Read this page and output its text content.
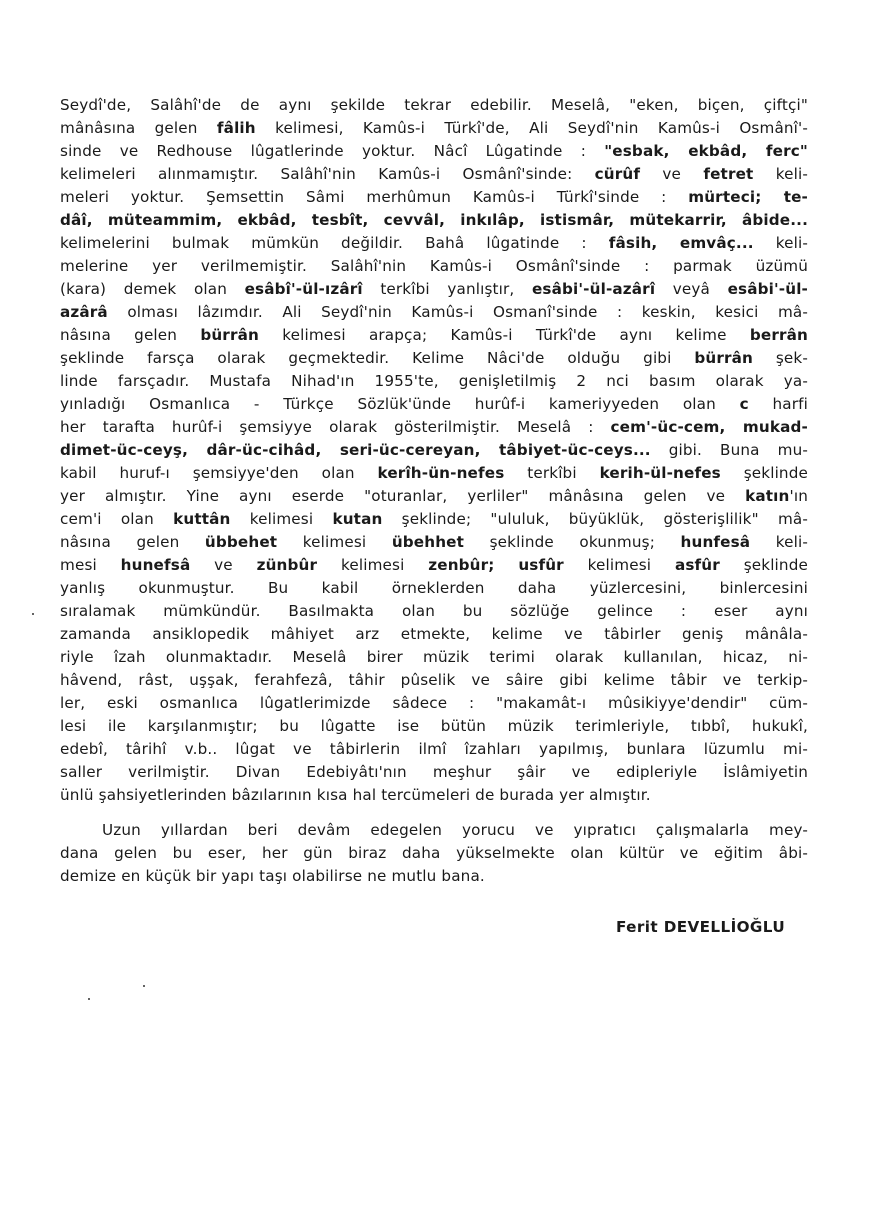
Seydî'de, Salâhî'de de aynı şekilde tekrar edebilir. Meselâ, "eken, biçen, çiftçi"
mânâsına gelen fâlih kelimesi, Kamûs-i Türkî'de, Ali Seydî'nin Kamûs-i Osmânî'-
sinde ve Redhouse lûgatlerinde yoktur. Nâcî Lûgatinde : "esbak, ekbâd, ferc"
kelimeleri alınmamıştır. Salâhî'nin Kamûs-i Osmânî'sinde: cürûf ve fetret keli-
meleri yoktur. Şemsettin Sâmi merhûmun Kamûs-i Türkî'sinde : mürteci; te-
dâî, müteammim, ekbâd, tesbît, cevvâl, inkılâp, istismâr, mütekarrir, âbide...
kelimelerini bulmak mümkün değildir. Bahâ lûgatinde : fâsih, emvâç... keli-
melerine yer verilmemiştir. Salâhî'nin Kamûs-i Osmânî'sinde : parmak üzümü
(kara) demek olan esâbî'-ül-ızârî terkîbi yanlıştır, esâbi'-ül-azârî veyâ esâbi'-ül-
azârâ olması lâzımdır. Ali Seydî'nin Kamûs-i Osmanî'sinde : keskin, kesici mâ-
nâsına gelen bürrân kelimesi arapça; Kamûs-i Türkî'de aynı kelime berrân
şeklinde farsça olarak geçmektedir. Kelime Nâci'de olduğu gibi bürrân şek-
linde farsçadır. Mustafa Nihad'ın 1955'te, genişletilmiş 2 nci basım olarak ya-
yınladığı Osmanlıca - Türkçe Sözlük'ünde hurûf-i kameriyyeden olan c harfi
her tarafta hurûf-i şemsiyye olarak gösterilmiştir. Meselâ : cem'-üc-cem, mukad-
dimet-üc-ceyş, dâr-üc-cihâd, seri-üc-cereyan, tâbiyet-üc-ceys... gibi. Buna mu-
kabil huruf-ı şemsiyye'den olan kerîh-ün-nefes terkîbi kerih-ül-nefes şeklinde
yer almıştır. Yine aynı eserde "oturanlar, yerliler" mânâsına gelen ve katın'ın
cem'i olan kuttân kelimesi kutan şeklinde; "ululuk, büyüklük, gösterişlilik" mâ-
nâsına gelen übbehet kelimesi übehhet şeklinde okunmuş; hunfesâ keli-
mesi hunefsâ ve zünbûr kelimesi zenbûr; usfûr kelimesi asfûr şeklinde
yanlış okunmuştur. Bu kabil örneklerden daha yüzlercesini, binlercesini
sıralamak mümkündür. Basılmakta olan bu sözlüğe gelince : eser aynı
zamanda ansiklopedik mâhiyet arz etmekte, kelime ve tâbirler geniş mânâla-
riyle îzah olunmaktadır. Meselâ birer müzik terimi olarak kullanılan, hicaz, ni-
hâvend, râst, uşşak, ferahfezâ, tâhir pûselik ve sâire gibi kelime tâbir ve terkip-
ler, eski osmanlıca lûgatlerimizde sâdece : "makamât-ı mûsikiyye'dendir" cüm-
lesi ile karşılanmıştır; bu lûgatte ise bütün müzik terimleriyle, tıbbî, hukukî,
edebî, târihî v.b.. lûgat ve tâbirlerin ilmî îzahları yapılmış, bunlara lüzumlu mi-
saller verilmiştir. Divan Edebiyâtı'nın meşhur şâir ve edipleriyle İslâmiyetin
ünlü şahsiyetlerinden bâzılarının kısa hal tercümeleri de burada yer almıştır.
Uzun yıllardan beri devâm edegelen yorucu ve yıpratıcı çalışmalarla mey-
dana gelen bu eser, her gün biraz daha yükselmekte olan kültür ve eğitim âbi-
demize en küçük bir yapı taşı olabilirse ne mutlu bana.
Ferit DEVELLİOĞLU
